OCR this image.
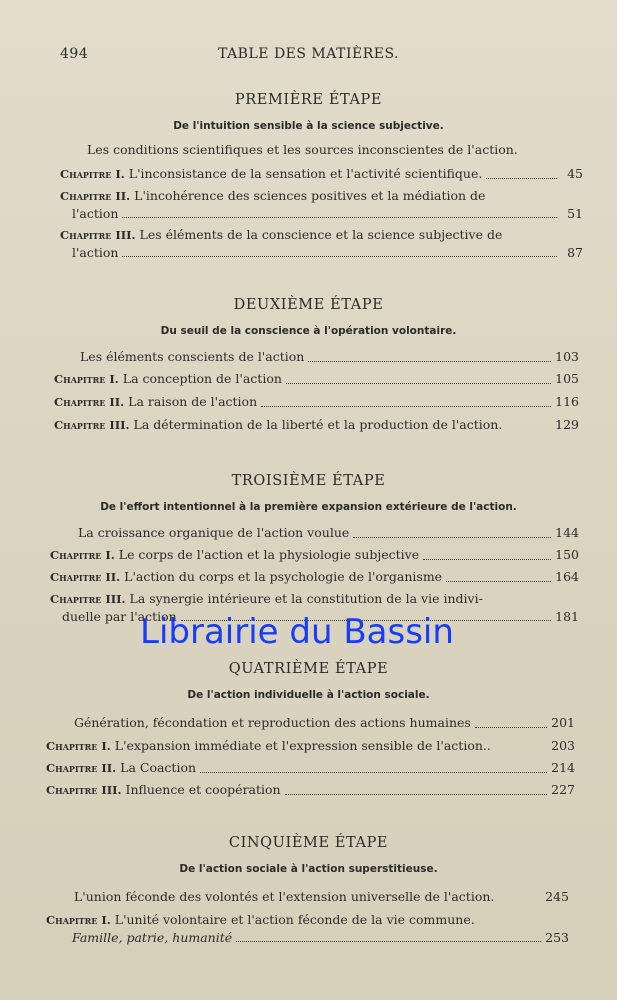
494	TABLE DES MATIÈRES.
PREMIÈRE ÉTAPE
De l'intuition sensible à la science subjective.
Les conditions scientifiques et les sources inconscientes de l'action.
Chapitre I. L'inconsistance de la sensation et l'activité scientifique.	45
Chapitre II. L'incohérence des sciences positives et la médiation de
l'action	51
Chapitre III. Les éléments de la conscience et la science subjective de
l'action	87
DEUXIÈME ÉTAPE
Du seuil de la conscience à l'opération volontaire.
Les éléments conscients de l'action	103
Chapitre I. La conception de l'action	105
Chapitre II. La raison de l'action	116
Chapitre III. La détermination de la liberté et la production de l'action.	129
TROISIÈME ÉTAPE
De l'effort intentionnel à la première expansion extérieure de l'action.
La croissance organique de l'action voulue	144
Chapitre I. Le corps de l'action et la physiologie subjective	150
Chapitre II. L'action du corps et la psychologie de l'organisme	164
Chapitre III. La synergie intérieure et la constitution de la vie indivi-
duelle par l'action	181
QUATRIÈME ÉTAPE
De l'action individuelle à l'action sociale.
Génération, fécondation et reproduction des actions humaines	201
Chapitre I. L'expansion immédiate et l'expression sensible de l'action..	203
Chapitre II. La Coaction	214
Chapitre III. Influence et coopération	227
CINQUIÈME ÉTAPE
De l'action sociale à l'action superstitieuse.
L'union féconde des volontés et l'extension universelle de l'action.	245
Chapitre I. L'unité volontaire et l'action féconde de la vie commune.
Famille, patrie, humanité	253
Librairie du Bassin
